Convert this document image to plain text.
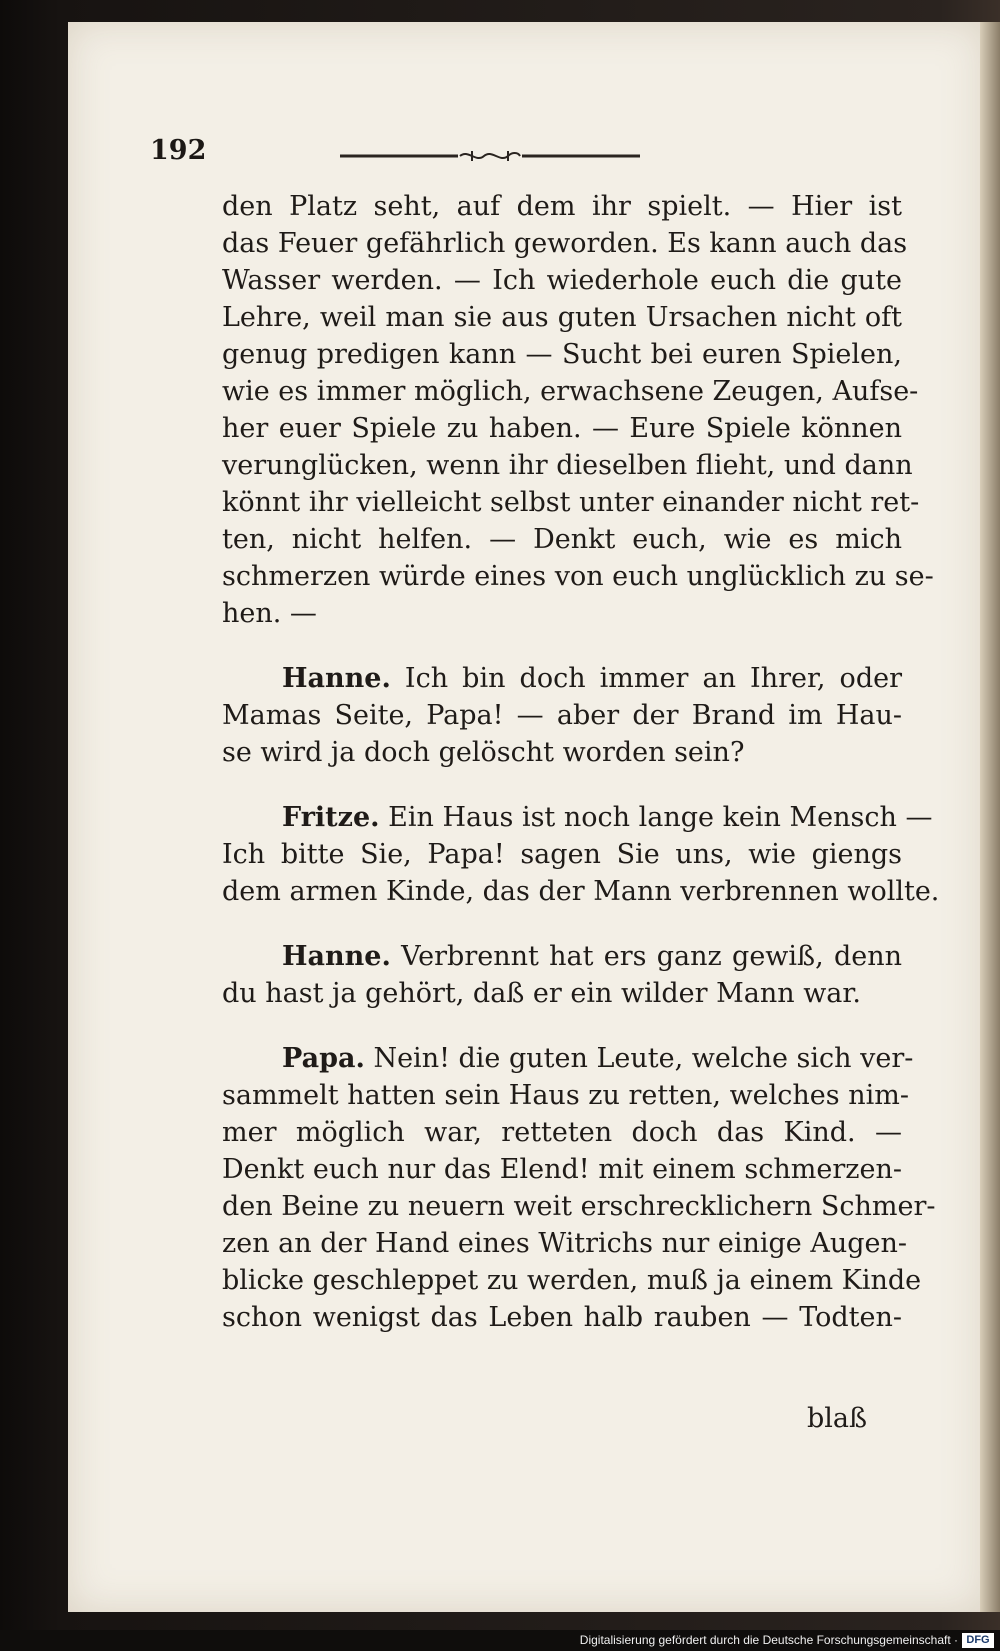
192
den Platz seht, auf dem ihr spielt. — Hier ist
das Feuer gefährlich geworden. Es kann auch das
Wasser werden. — Ich wiederhole euch die gute
Lehre, weil man sie aus guten Ursachen nicht oft
genug predigen kann — Sucht bei euren Spielen,
wie es immer möglich, erwachsene Zeugen, Aufse-
her euer Spiele zu haben. — Eure Spiele können
verunglücken, wenn ihr dieselben flieht, und dann
könnt ihr vielleicht selbst unter einander nicht ret-
ten, nicht helfen. — Denkt euch, wie es mich
schmerzen würde eines von euch unglücklich zu se-
hen. —
Hanne. Ich bin doch immer an Ihrer, oder
Mamas Seite, Papa! — aber der Brand im Hau-
se wird ja doch gelöscht worden sein?
Fritze. Ein Haus ist noch lange kein Mensch —
Ich bitte Sie, Papa! sagen Sie uns, wie giengs
dem armen Kinde, das der Mann verbrennen wollte.
Hanne. Verbrennt hat ers ganz gewiß, denn
du hast ja gehört, daß er ein wilder Mann war.
Papa. Nein! die guten Leute, welche sich ver-
sammelt hatten sein Haus zu retten, welches nim-
mer möglich war, retteten doch das Kind. —
Denkt euch nur das Elend! mit einem schmerzen-
den Beine zu neuern weit erschrecklichern Schmer-
zen an der Hand eines Witrichs nur einige Augen-
blicke geschleppet zu werden, muß ja einem Kinde
schon wenigst das Leben halb rauben — Todten-
blaß
Digitalisierung gefördert durch die Deutsche Forschungsgemeinschaft · DFG
